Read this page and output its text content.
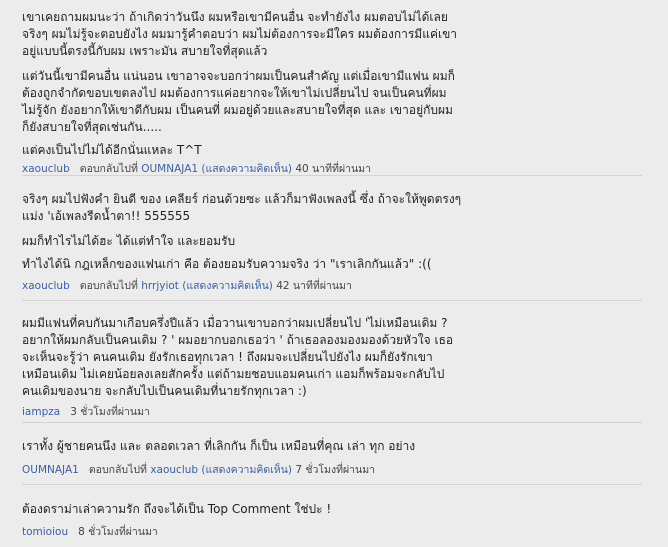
เขาเคยถามผมนะว่า ถ้าเกิดว่าวันนึง ผมหรือเขามีคนอื่น จะทำยังไง ผมตอบไม่ได้เลย

จริงๆ ผมไม่รู้จะตอบยังไง ผมมารู้คำตอบว่า ผมไม่ต้องการจะมีใคร ผมต้องการมีแค่เขา

อยู่แบบนี้ตรงนี้กับผม เพราะมัน สบายใจที่สุดแล้ว

แต่วันนี้เขามีคนอื่น แน่นอน เขาอาจจะบอกว่าผมเป็นคนสำคัญ แต่เมื่อเขามีแฟน ผมก็

ต้องถูกจำกัดขอบเขตลงไป ผมต้องการแค่อยากจะให้เขาไม่เปลี่ยนไป จนเป็นคนที่ผม

ไม่รู้จัก ยังอยากให้เขาดีกับผม เป็นคนที่ ผมอยู่ด้วยและสบายใจที่สุด และ เขาอยู่กับผม

ก็ยังสบายใจที่สุดเช่นกัน.....

แต่คงเป็นไปไม่ได้อีกนั่นแหละ T^T

xaouclub ตอบกลับไปที่ OUMNAJA1 (แสดงความคิดเห็น) 40 นาทีที่ผ่านมา

จริงๆ ผมไปฟังคำ ยินดี ของ เคลียร์ ก่อนด้วยซะ แล้วก็มาฟังเพลงนี้ ซึ่ง ถ้าจะให้พูดตรงๆ

แม่ง 'เอ้เพลงรีดน้ำตา!! 555555

ผมก็ทำไรไม่ได้ฮะ ได้แต่ทำใจ และยอมรับ

ทำไงได้นิ กฎเหล็กของแฟนเก่า คือ ต้องยอมรับความจริง ว่า "เราเลิกกันแล้ว" :((

xaouclub ตอบกลับไปที่ hrrjyiot (แสดงความคิดเห็น) 42 นาทีที่ผ่านมา

ผมมีแฟนที่คบกันมาเกือบครึ่งปีแล้ว เมื่อวานเขาบอกว่าผมเปลี่ยนไป 'ไม่เหมือนเดิม ?

อยากให้ผมกลับเป็นคนเดิม ? ' ผมอยากบอกเธอว่า ' ถ้าเธอลองมองมองด้วยหัวใจ เธอ

จะเห็นจะรู้ว่า คนคนเดิม ยังรักเธอทุกเวลา ! ถึงผมจะเปลี่ยนไปยังไง ผมก็ยังรักเขา

เหมือนเดิม ไม่เคยน้อยลงเลยสักครั้ง แต่ถ้ามยชอบแอมคนเก่า แอมก็พร้อมจะกลับไป

คนเดิมของนาย จะกลับไปเป็นคนเดิมที่นายรักทุกเวลา :)

iampza 3 ชั่วโมงที่ผ่านมา

เราทั้ง ผู้ชายคนนึง และ ตลอดเวลา ที่เลิกกัน ก็เป็น เหมือนที่คุณ เล่า ทุก อย่าง

OUMNAJA1 ตอบกลับไปที่ xaouclub (แสดงความคิดเห็น) 7 ชั่วโมงที่ผ่านมา

ต้องดราม่าเล่าความรัก ถึงจะได้เป็น Top Comment ใช่ปะ !

tomioiou 8 ชั่วโมงที่ผ่านมา
